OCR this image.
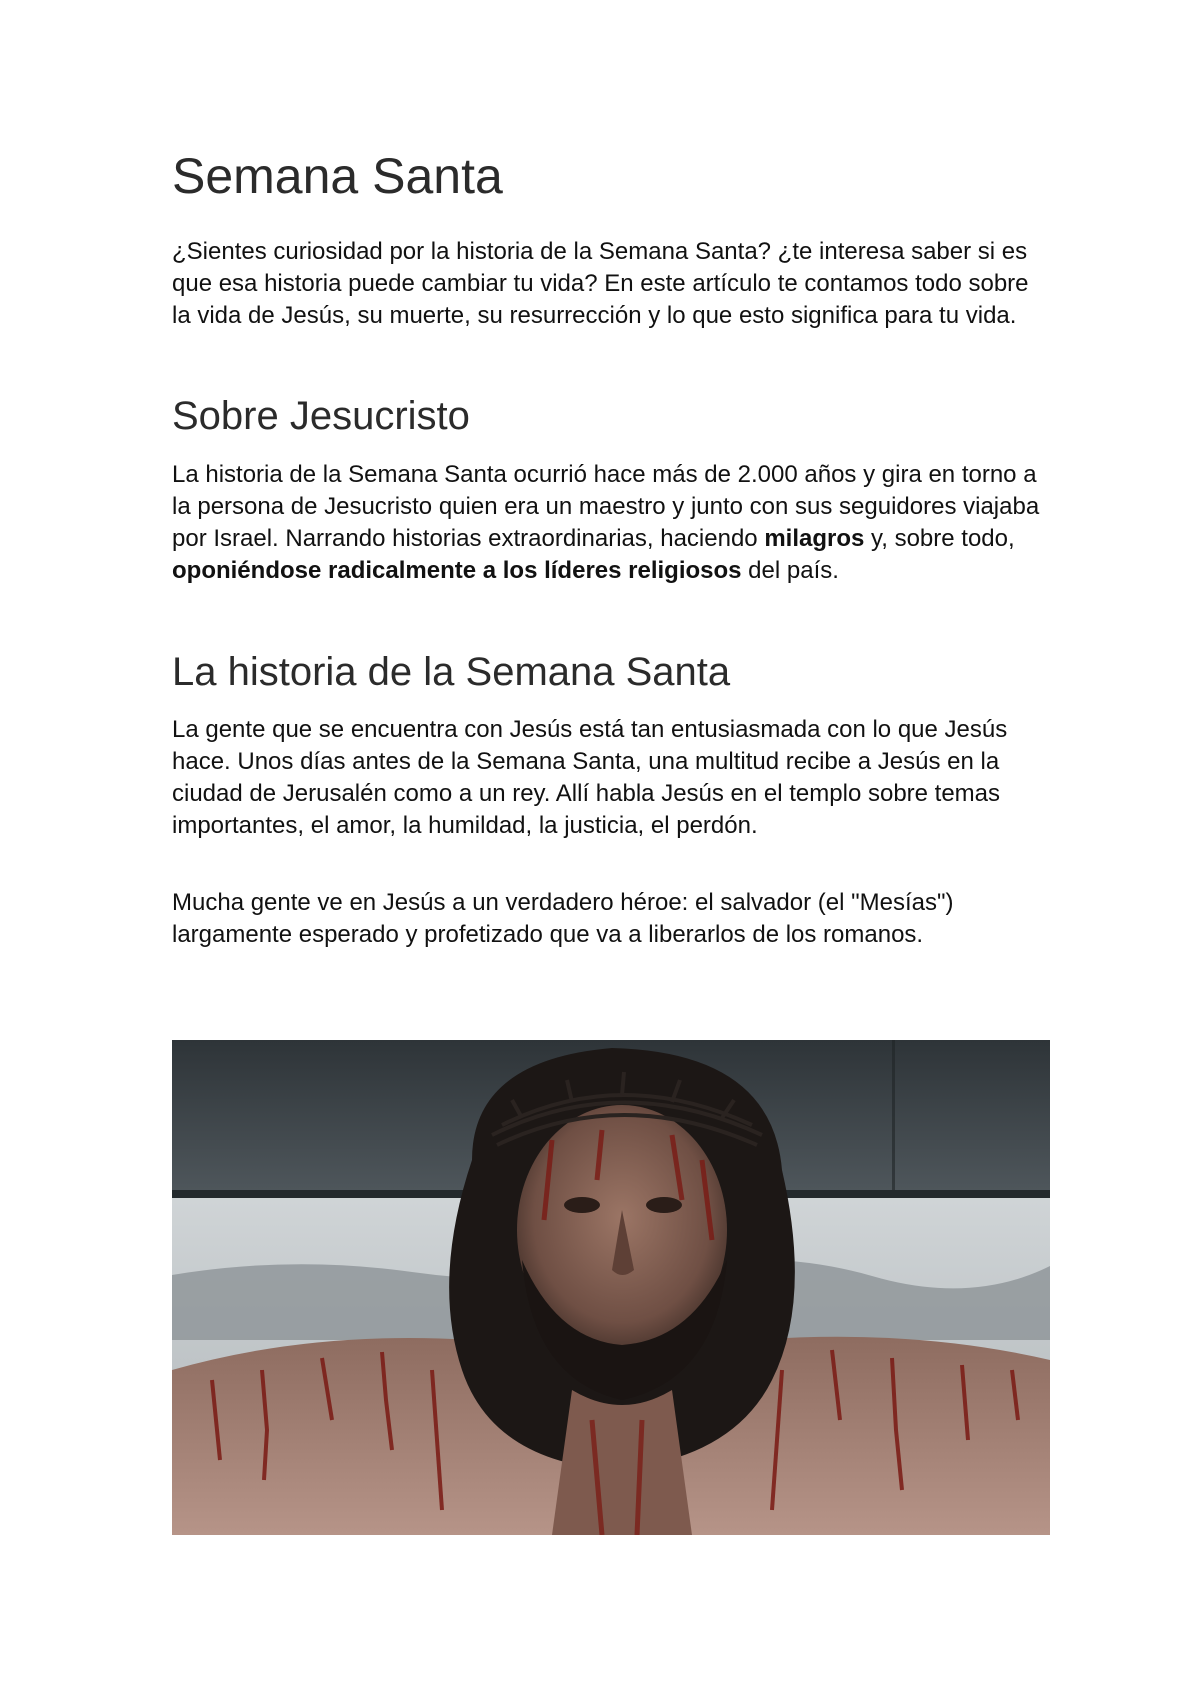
Semana Santa

¿Sientes curiosidad por la historia de la Semana Santa? ¿te interesa saber si es que esa historia puede cambiar tu vida? En este artículo te contamos todo sobre la vida de Jesús, su muerte, su resurrección y lo que esto significa para tu vida.

Sobre Jesucristo

La historia de la Semana Santa ocurrió hace más de 2.000 años y gira en torno a la persona de Jesucristo quien era un maestro y junto con sus seguidores viajaba por Israel. Narrando historias extraordinarias, haciendo milagros y, sobre todo, oponiéndose radicalmente a los líderes religiosos del país.

La historia de la Semana Santa

La gente que se encuentra con Jesús está tan entusiasmada con lo que Jesús hace. Unos días antes de la Semana Santa, una multitud recibe a Jesús en la ciudad de Jerusalén como a un rey. Allí habla Jesús en el templo sobre temas importantes, el amor, la humildad, la justicia, el perdón.

Mucha gente ve en Jesús a un verdadero héroe: el salvador (el "Mesías") largamente esperado y profetizado que va a liberarlos de los romanos.
